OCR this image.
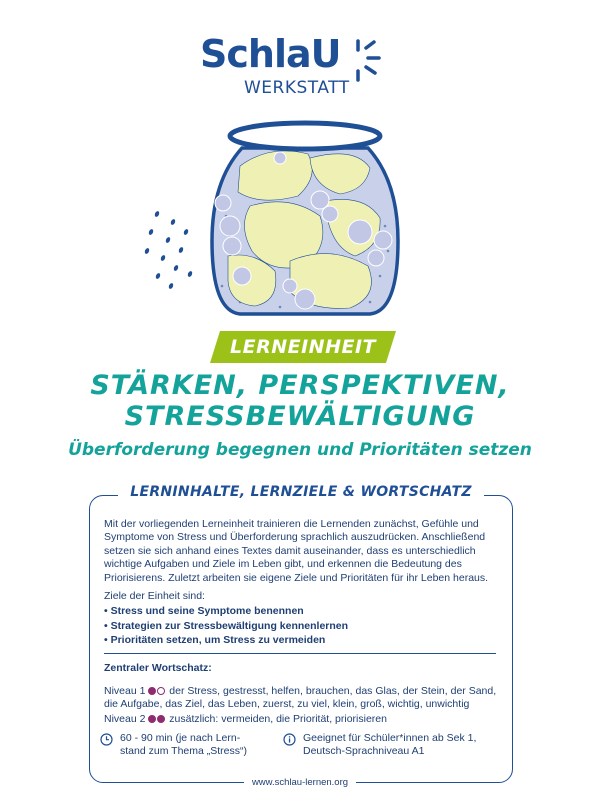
SchlaU
WERKSTATT
LERNEINHEIT
STÄRKEN, PERSPEKTIVEN,
STRESSBEWÄLTIGUNG
Überforderung begegnen und Prioritäten setzen
LERNINHALTE, LERNZIELE & WORTSCHATZ
Mit der vorliegenden Lerneinheit trainieren die Lernenden zunächst, Gefühle und Symptome von Stress und Überforderung sprachlich auszudrücken. Anschließend setzen sie sich anhand eines Textes damit auseinander, dass es unterschiedlich wichtige Aufgaben und Ziele im Leben gibt, und erkennen die Bedeutung des Priorisierens. Zuletzt arbeiten sie eigene Ziele und Prioritäten für ihr Leben heraus.
Ziele der Einheit sind:
• Stress und seine Symptome benennen
• Strategien zur Stressbewältigung kennenlernen
• Prioritäten setzen, um Stress zu vermeiden
Zentraler Wortschatz:
Niveau 1 der Stress, gestresst, helfen, brauchen, das Glas, der Stein, der Sand, die Aufgabe, das Ziel, das Leben, zuerst, zu viel, klein, groß, wichtig, unwichtig
Niveau 2 zusätzlich: vermeiden, die Priorität, priorisieren
60 - 90 min (je nach Lern-
stand zum Thema „Stress“)
Geeignet für Schüler*innen ab Sek 1,
Deutsch-Sprachniveau A1
www.schlau-lernen.org
